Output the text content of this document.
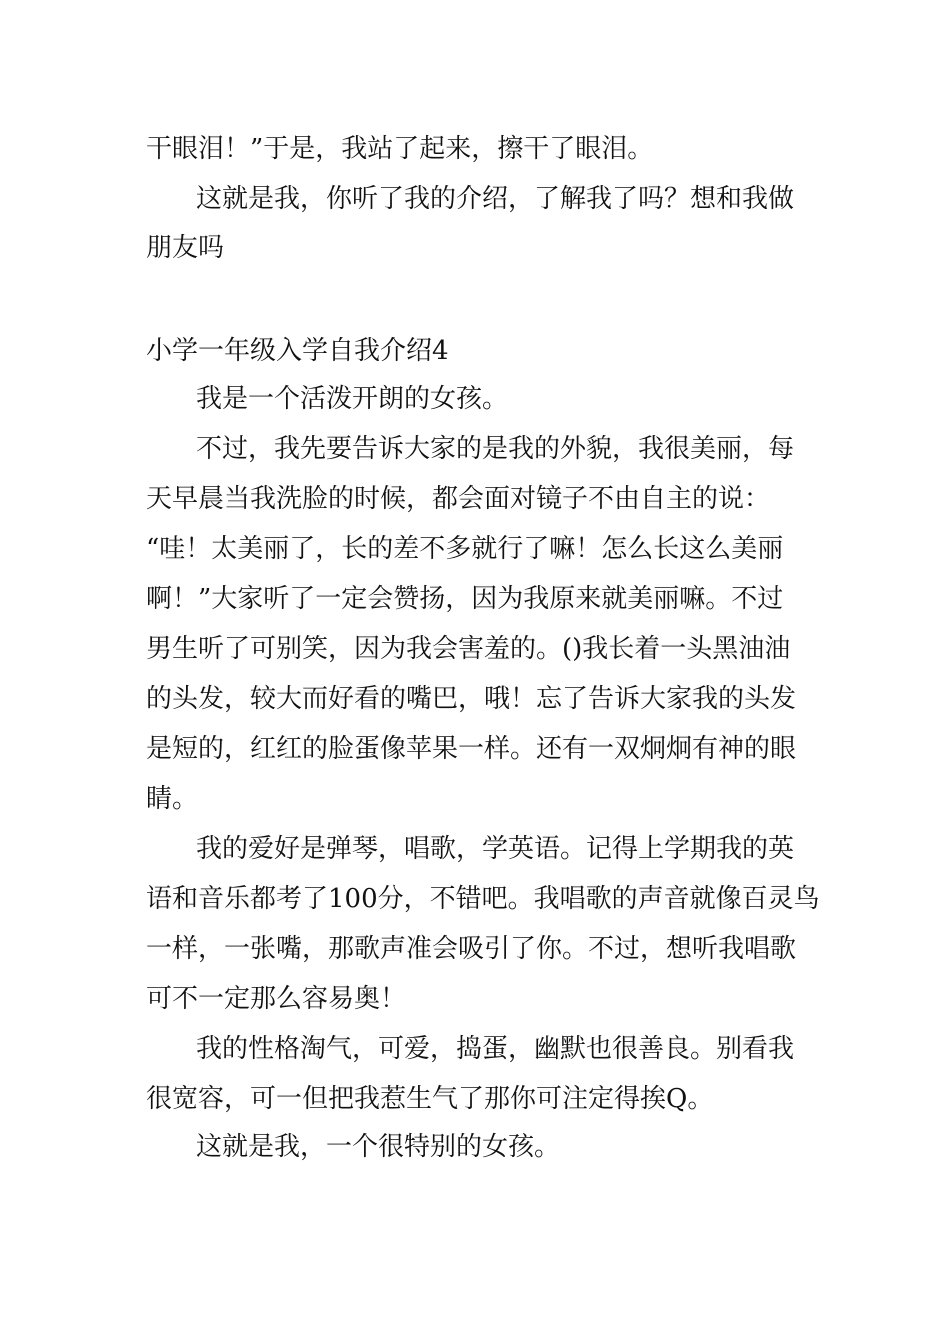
干眼泪！”于是，我站了起来，擦干了眼泪。
这就是我，你听了我的介绍，了解我了吗？想和我做
朋友吗
小学一年级入学自我介绍4
我是一个活泼开朗的女孩。
不过，我先要告诉大家的是我的外貌，我很美丽，每
天早晨当我洗脸的时候，都会面对镜子不由自主的说：
“哇！太美丽了，长的差不多就行了嘛！怎么长这么美丽
啊！”大家听了一定会赞扬，因为我原来就美丽嘛。不过
男生听了可别笑，因为我会害羞的。()我长着一头黑油油
的头发，较大而好看的嘴巴，哦！忘了告诉大家我的头发
是短的，红红的脸蛋像苹果一样。还有一双炯炯有神的眼
睛。
我的爱好是弹琴，唱歌，学英语。记得上学期我的英
语和音乐都考了100分，不错吧。我唱歌的声音就像百灵鸟
一样，一张嘴，那歌声准会吸引了你。不过，想听我唱歌
可不一定那么容易奥！
我的性格淘气，可爱，捣蛋，幽默也很善良。别看我
很宽容，可一但把我惹生气了那你可注定得挨Q。
这就是我，一个很特别的女孩。
